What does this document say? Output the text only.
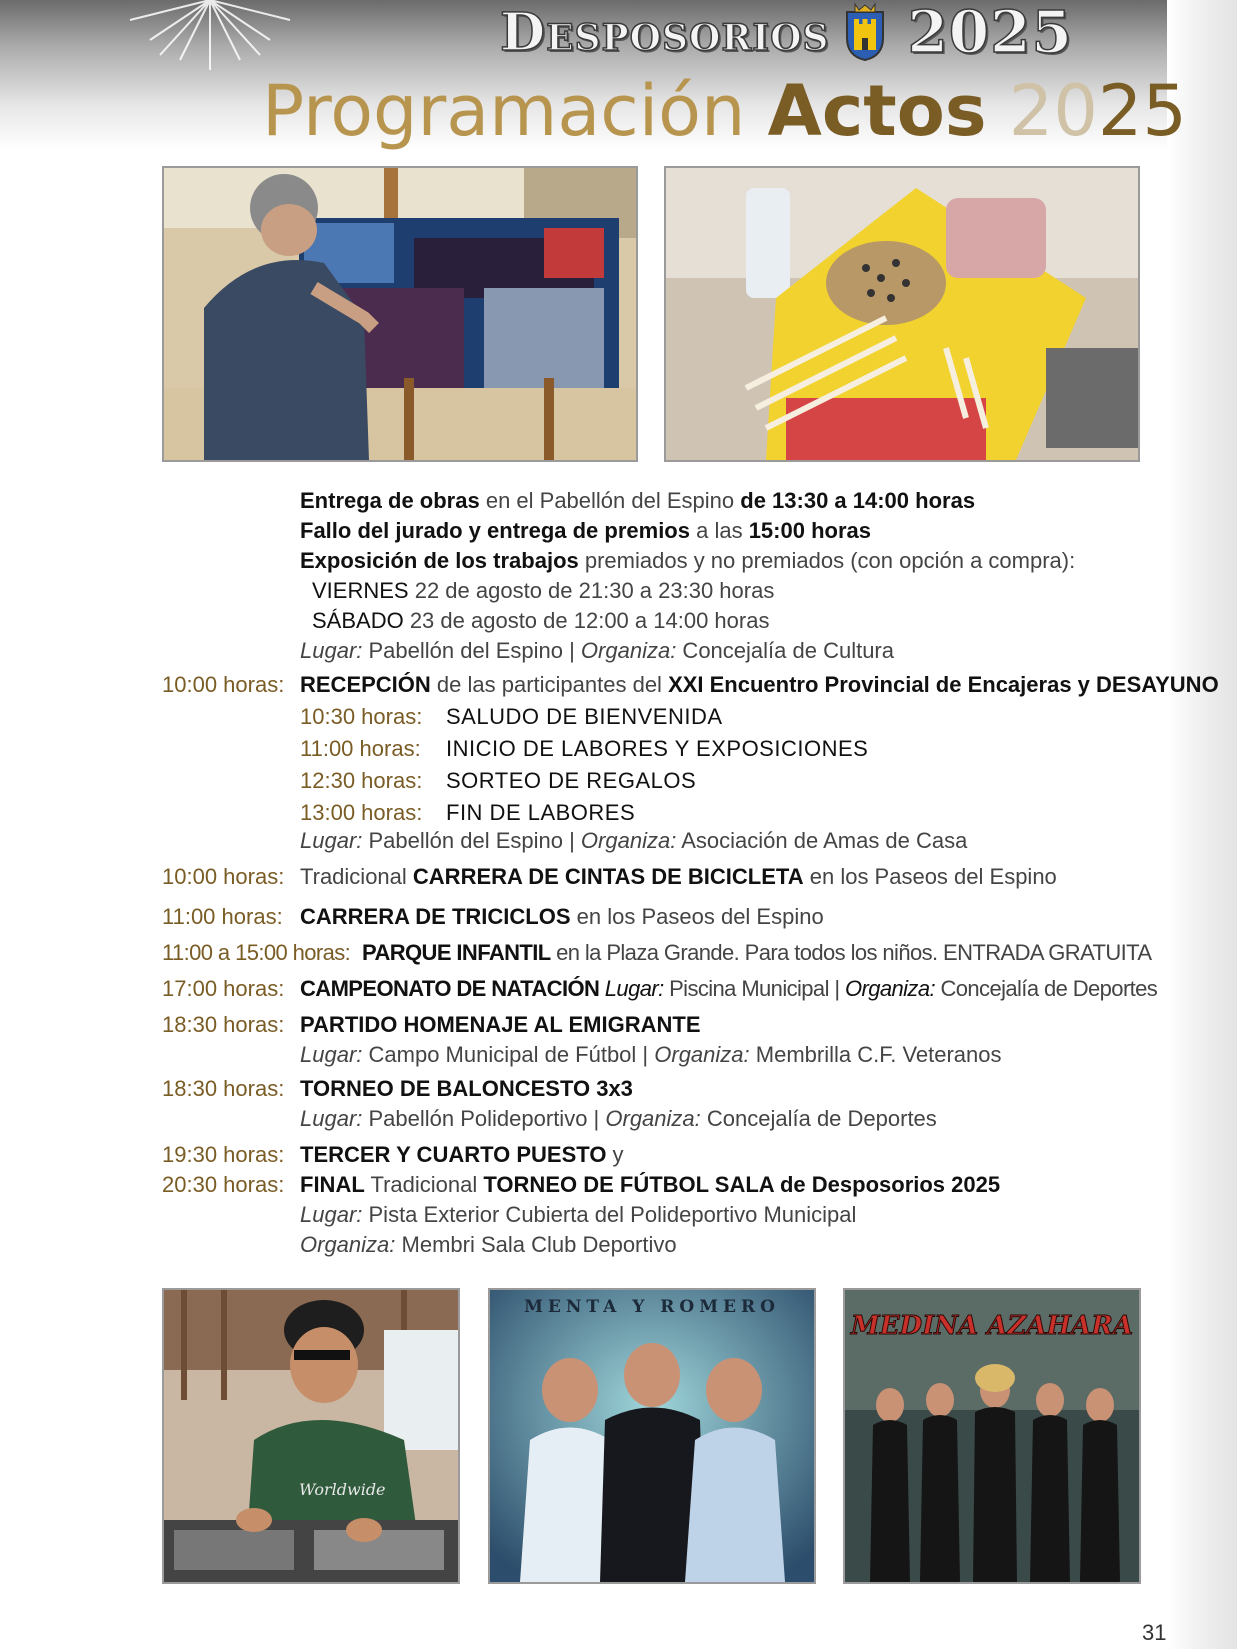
Desposorios 2025
Programación Actos 2025
Entrega de obras en el Pabellón del Espino de 13:30 a 14:00 horas
Fallo del jurado y entrega de premios a las 15:00 horas
Exposición de los trabajos premiados y no premiados (con opción a compra):
VIERNES 22 de agosto de 21:30 a 23:30 horas
SÁBADO 23 de agosto de 12:00 a 14:00 horas
Lugar: Pabellón del Espino | Organiza: Concejalía de Cultura
10:00 horas: RECEPCIÓN de las participantes del XXI Encuentro Provincial de Encajeras y DESAYUNO
10:30 horas: SALUDO DE BIENVENIDA
11:00 horas: INICIO DE LABORES Y EXPOSICIONES
12:30 horas: SORTEO DE REGALOS
13:00 horas: FIN DE LABORES
Lugar: Pabellón del Espino | Organiza: Asociación de Amas de Casa
10:00 horas: Tradicional CARRERA DE CINTAS DE BICICLETA en los Paseos del Espino
11:00 horas: CARRERA DE TRICICLOS en los Paseos del Espino
11:00 a 15:00 horas: PARQUE INFANTIL en la Plaza Grande. Para todos los niños. ENTRADA GRATUITA
17:00 horas: CAMPEONATO DE NATACIÓN Lugar: Piscina Municipal | Organiza: Concejalía de Deportes
18:30 horas: PARTIDO HOMENAJE AL EMIGRANTE
Lugar: Campo Municipal de Fútbol | Organiza: Membrilla C.F. Veteranos
18:30 horas: TORNEO DE BALONCESTO 3x3
Lugar: Pabellón Polideportivo | Organiza: Concejalía de Deportes
19:30 horas: TERCER Y CUARTO PUESTO y
20:30 horas: FINAL Tradicional TORNEO DE FÚTBOL SALA de Desposorios 2025
Lugar: Pista Exterior Cubierta del Polideportivo Municipal
Organiza: Membri Sala Club Deportivo
Worldwide
MENTA Y ROMERO
MEDINA AZAHARA
31
